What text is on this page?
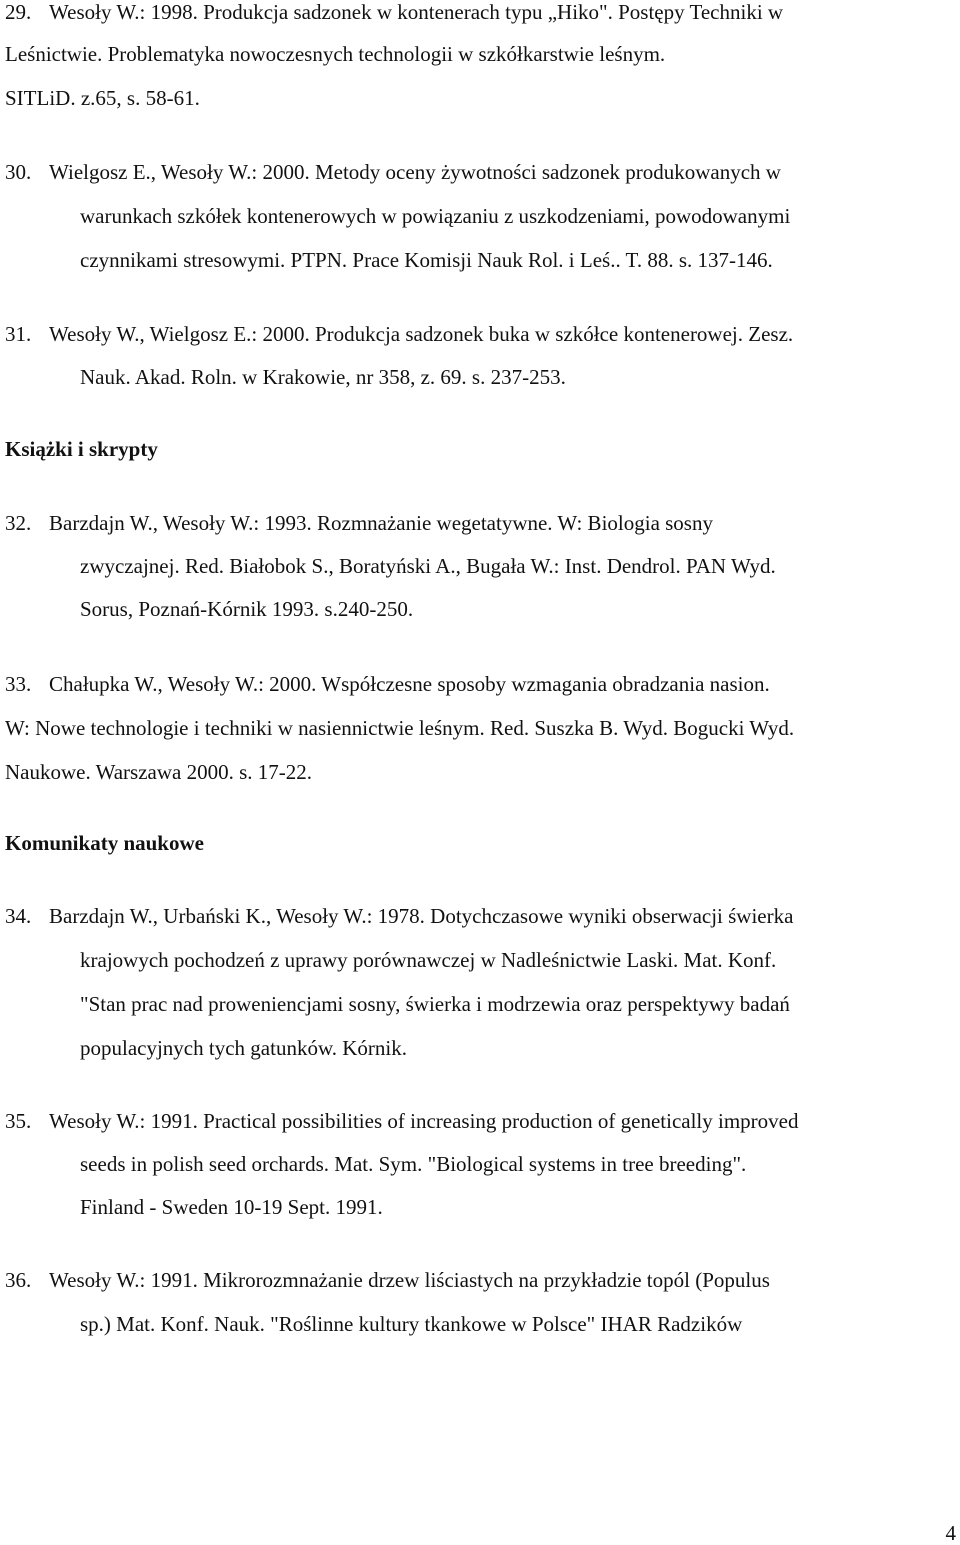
29. Wesoły W.: 1998. Produkcja sadzonek w kontenerach typu „Hiko". Postępy Techniki w
Leśnictwie. Problematyka nowoczesnych technologii w szkółkarstwie leśnym.
SITLiD. z.65, s. 58-61.
30. Wielgosz E., Wesoły W.: 2000. Metody oceny żywotności sadzonek produkowanych w
warunkach szkółek kontenerowych w powiązaniu z uszkodzeniami, powodowanymi
czynnikami stresowymi. PTPN. Prace Komisji Nauk Rol. i Leś.. T. 88. s. 137-146.
31. Wesoły W., Wielgosz E.: 2000. Produkcja sadzonek buka w szkółce kontenerowej. Zesz.
Nauk. Akad. Roln. w Krakowie, nr 358, z. 69. s. 237-253.
Książki i skrypty
32. Barzdajn W., Wesoły W.: 1993. Rozmnażanie wegetatywne. W: Biologia sosny
zwyczajnej. Red. Białobok S., Boratyński A., Bugała W.: Inst. Dendrol. PAN Wyd.
Sorus, Poznań-Kórnik 1993. s.240-250.
33. Chałupka W., Wesoły W.: 2000. Współczesne sposoby wzmagania obradzania nasion.
W: Nowe technologie i techniki w nasiennictwie leśnym. Red. Suszka B. Wyd. Bogucki Wyd.
Naukowe. Warszawa 2000. s. 17-22.
Komunikaty naukowe
34. Barzdajn W., Urbański K., Wesoły W.: 1978. Dotychczasowe wyniki obserwacji świerka
krajowych pochodzeń z uprawy porównawczej w Nadleśnictwie Laski. Mat. Konf.
"Stan prac nad proweniencjami sosny, świerka i modrzewia oraz perspektywy badań
populacyjnych tych gatunków. Kórnik.
35. Wesoły W.: 1991. Practical possibilities of increasing production of genetically improved
seeds in polish seed orchards. Mat. Sym. "Biological systems in tree breeding".
Finland - Sweden 10-19 Sept. 1991.
36. Wesoły W.: 1991. Mikrorozmnażanie drzew liściastych na przykładzie topól (Populus
sp.) Mat. Konf. Nauk. "Roślinne kultury tkankowe w Polsce" IHAR Radzików
4
